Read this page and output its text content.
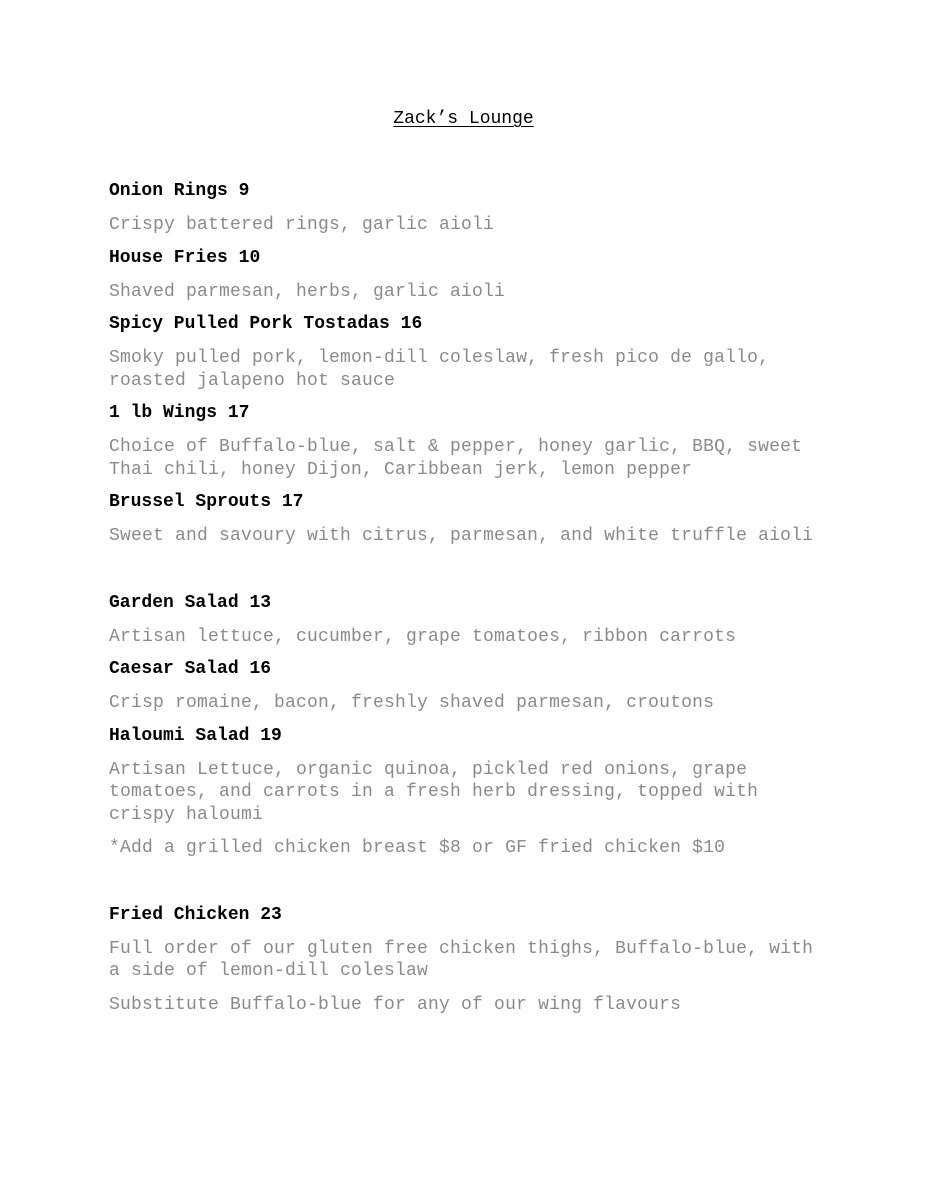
Zack’s Lounge
Onion Rings 9
Crispy battered rings, garlic aioli
House Fries 10
Shaved parmesan, herbs, garlic aioli
Spicy Pulled Pork Tostadas 16
Smoky pulled pork, lemon-dill coleslaw, fresh pico de gallo, roasted jalapeno hot sauce
1 lb Wings 17
Choice of Buffalo-blue, salt & pepper, honey garlic, BBQ, sweet Thai chili, honey Dijon, Caribbean jerk, lemon pepper
Brussel Sprouts 17
Sweet and savoury with citrus, parmesan, and white truffle aioli
Garden Salad 13
Artisan lettuce, cucumber, grape tomatoes, ribbon carrots
Caesar Salad 16
Crisp romaine, bacon, freshly shaved parmesan, croutons
Haloumi Salad 19
Artisan Lettuce, organic quinoa, pickled red onions, grape tomatoes, and carrots in a fresh herb dressing, topped with crispy haloumi
*Add a grilled chicken breast $8 or GF fried chicken $10
Fried Chicken 23
Full order of our gluten free chicken thighs, Buffalo-blue, with a side of lemon-dill coleslaw
Substitute Buffalo-blue for any of our wing flavours
